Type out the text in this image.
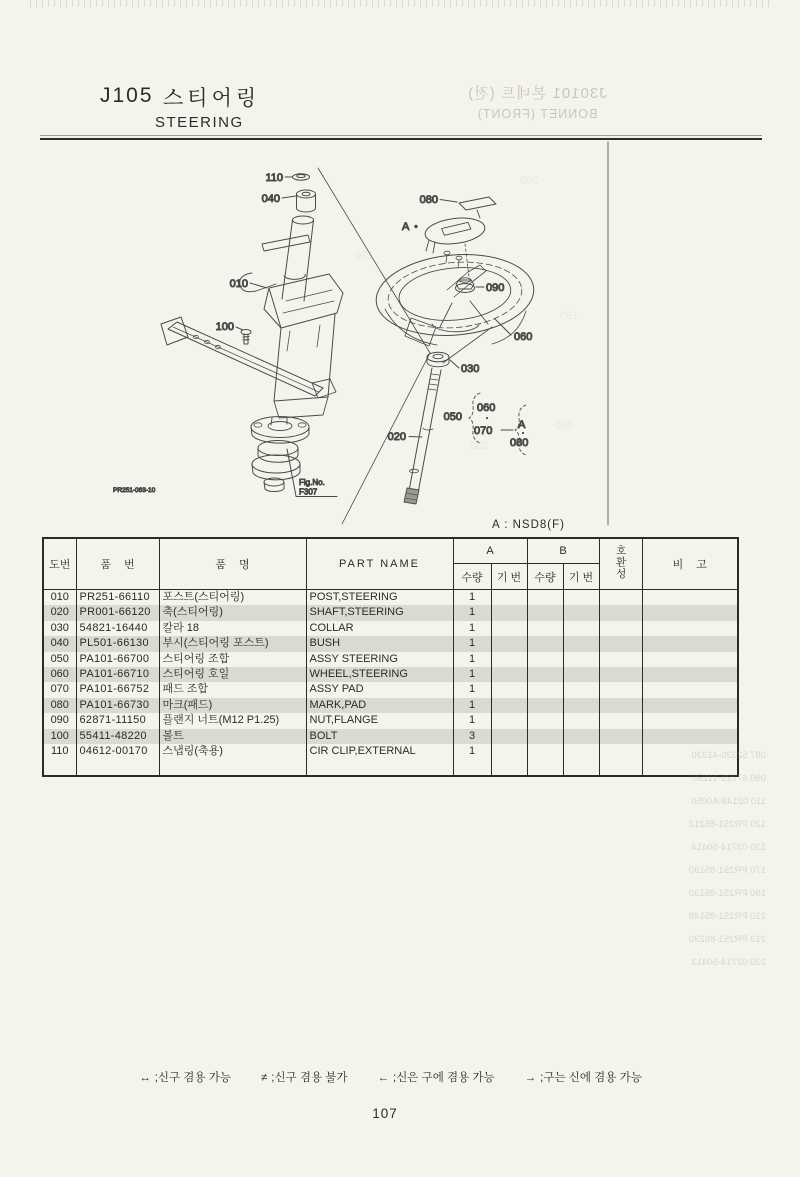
J30101 본네트 (전)
BONNET (FRONT)
J105 스티어링
STEERING
110
040
010
100
Fig.No.
F307
PR251-063-10
080
A
090
060
030
020
050
060
070 A
080
160
130
200
190
230
050
A : NSD8(F)
도번	품 번	품 명	PART NAME	A		B		호환성	비 고
				수량	기 번	수량	기 번		
010	PR251-66110	포스트(스티어링)	POST,STEERING	1					
020	PR001-66120	축(스티어링)	SHAFT,STEERING	1					
030	54821-16440	칼라 18	COLLAR	1					
040	PL501-66130	부시(스티어링 포스트)	BUSH	1					
050	PA101-66700	스티어링 조합	ASSY STEERING	1					
060	PA101-66710	스티어링 호일	WHEEL,STEERING	1					
070	PA101-66752	패드 조합	ASSY PAD	1					
080	PA101-66730	마크(패드)	MARK,PAD	1					
090	62871-11150	플랜지 너트(M12 P1.25)	NUT,FLANGE	1					
100	55411-48220	볼트	BOLT	3					
110	04612-00170	스냅링(축용)	CIR CLIP,EXTERNAL	1					
										087 52320-41330
090 67721-11150
110 02149-A0050
120 PR251-85212
130 03714-50414
170 PR251-85190
190 PR251-85130
210 PR251-85148
213 PR251-86230
230 02714-50413
↔ ;신구 겸용 가능	≠ ;신구 겸용 불가	← ;신은 구에 겸용 가능	→ ;구는 신에 겸용 가능
107
